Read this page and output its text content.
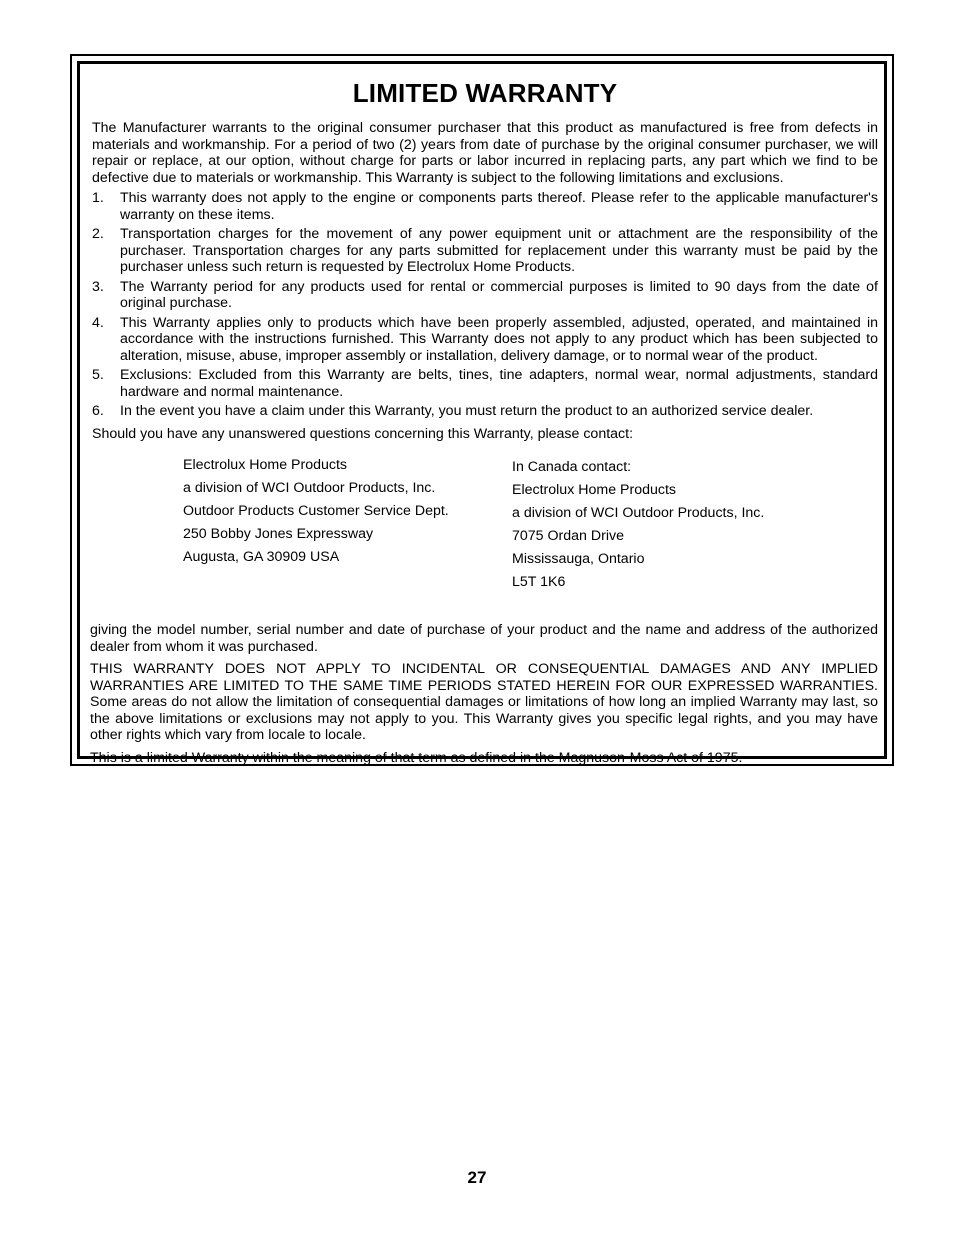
LIMITED WARRANTY

The Manufacturer warrants to the original consumer purchaser that this product as manufactured is free from defects in materials and workmanship. For a period of two (2) years from date of purchase by the original consumer purchaser, we will repair or replace, at our option, without charge for parts or labor incurred in replacing parts, any part which we find to be defective due to materials or workmanship. This Warranty is subject to the following limitations and exclusions.

1. This warranty does not apply to the engine or components parts thereof. Please refer to the applicable manufacturer's warranty on these items.
2. Transportation charges for the movement of any power equipment unit or attachment are the responsibility of the purchaser. Transportation charges for any parts submitted for replacement under this warranty must be paid by the purchaser unless such return is requested by Electrolux Home Products.
3. The Warranty period for any products used for rental or commercial purposes is limited to 90 days from the date of original purchase.
4. This Warranty applies only to products which have been properly assembled, adjusted, operated, and maintained in accordance with the instructions furnished. This Warranty does not apply to any product which has been subjected to alteration, misuse, abuse, improper assembly or installation, delivery damage, or to normal wear of the product.
5. Exclusions: Excluded from this Warranty are belts, tines, tine adapters, normal wear, normal adjustments, standard hardware and normal maintenance.
6. In the event you have a claim under this Warranty, you must return the product to an authorized service dealer.

Should you have any unanswered questions concerning this Warranty, please contact:

Electrolux Home Products
a division of WCI Outdoor Products, Inc.
Outdoor Products Customer Service Dept.
250 Bobby Jones Expressway
Augusta, GA 30909 USA
In Canada contact:
Electrolux Home Products
a division of WCI Outdoor Products, Inc.
7075 Ordan Drive
Mississauga, Ontario
L5T 1K6

giving the model number, serial number and date of purchase of your product and the name and address of the authorized dealer from whom it was purchased.

THIS WARRANTY DOES NOT APPLY TO INCIDENTAL OR CONSEQUENTIAL DAMAGES AND ANY IMPLIED WARRANTIES ARE LIMITED TO THE SAME TIME PERIODS STATED HEREIN FOR OUR EXPRESSED WARRANTIES. Some areas do not allow the limitation of consequential damages or limitations of how long an implied Warranty may last, so the above limitations or exclusions may not apply to you. This Warranty gives you specific legal rights, and you may have other rights which vary from locale to locale.

This is a limited Warranty within the meaning of that term as defined in the Magnuson-Moss Act of 1975.

27
